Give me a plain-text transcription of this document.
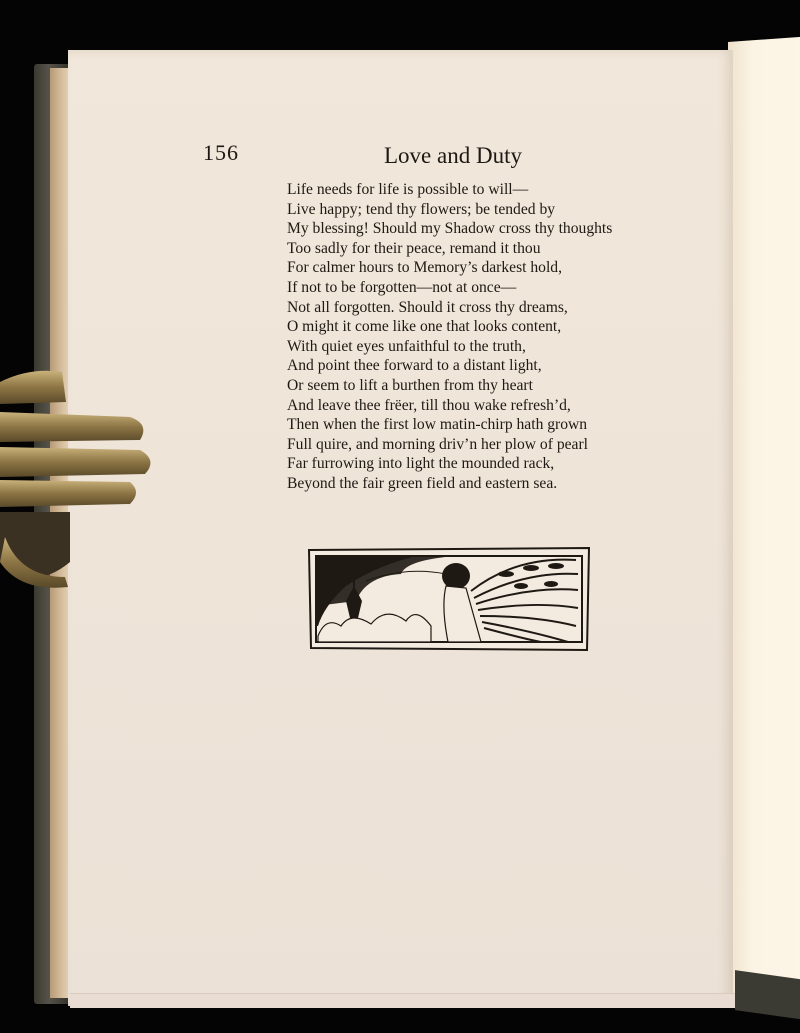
156	Love and Duty
Life needs for life is possible to will—
Live happy; tend thy flowers; be tended by
My blessing! Should my Shadow cross thy thoughts
Too sadly for their peace, remand it thou
For calmer hours to Memory’s darkest hold,
If not to be forgotten—not at once—
Not all forgotten. Should it cross thy dreams,
O might it come like one that looks content,
With quiet eyes unfaithful to the truth,
And point thee forward to a distant light,
Or seem to lift a burthen from thy heart
And leave thee frëer, till thou wake refresh’d,
Then when the first low matin-chirp hath grown
Full quire, and morning driv’n her plow of pearl
Far furrowing into light the mounded rack,
Beyond the fair green field and eastern sea.
